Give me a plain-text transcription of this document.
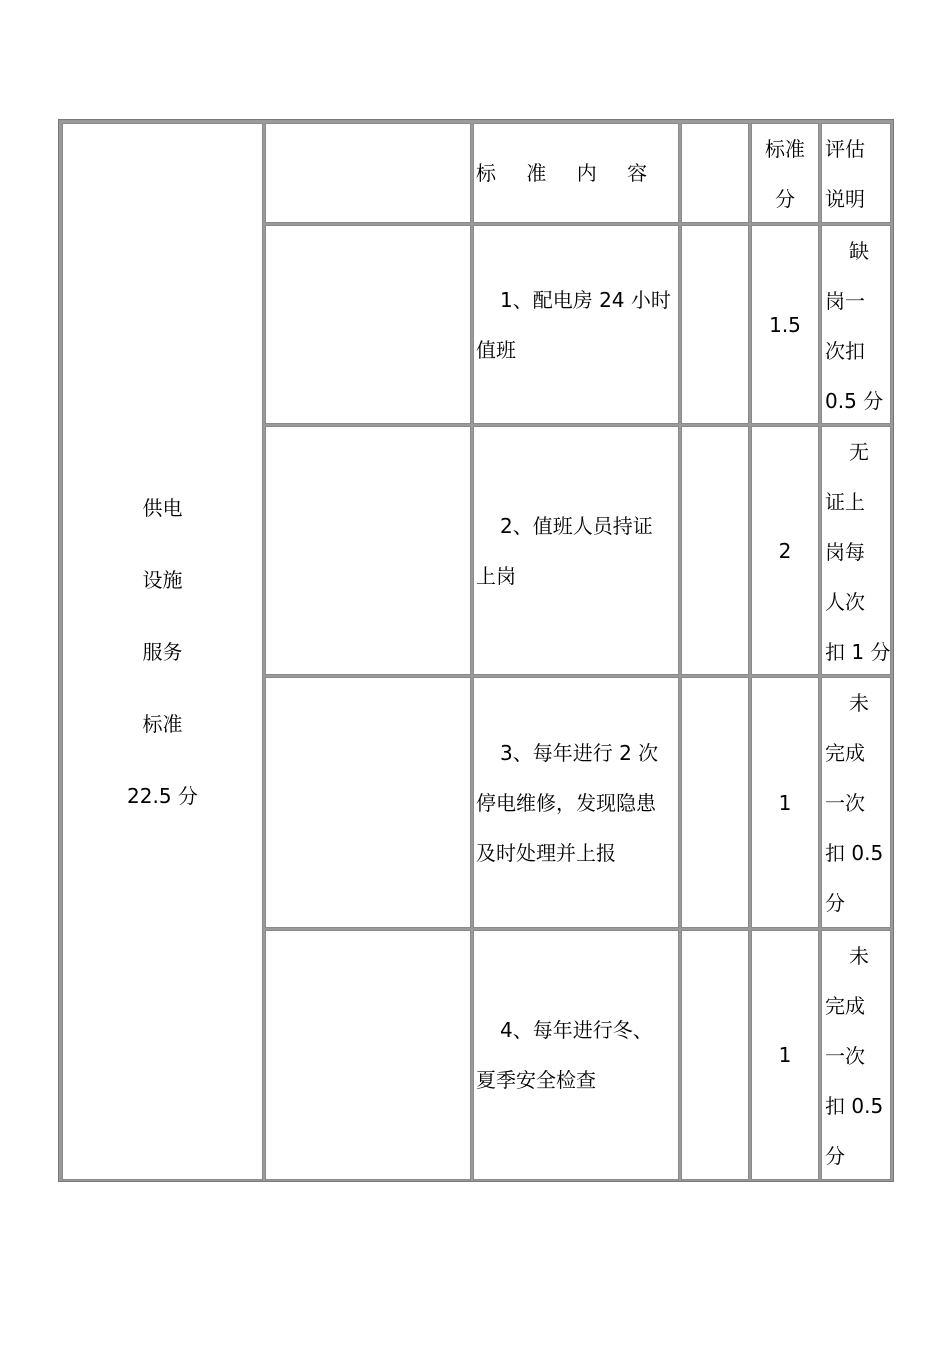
供电
设施
服务
标准
22.5 分
标 准 内 容
标准
分
评估
说明
1、配电房 24 小时
值班
1.5
缺
岗一
次扣
0.5 分
2、值班人员持证
上岗
2
无
证上
岗每
人次
扣 1 分
3、每年进行 2 次
停电维修，发现隐患
及时处理并上报
1
未
完成
一次
扣 0.5
分
4、每年进行冬、
夏季安全检查
1
未
完成
一次
扣 0.5
分
